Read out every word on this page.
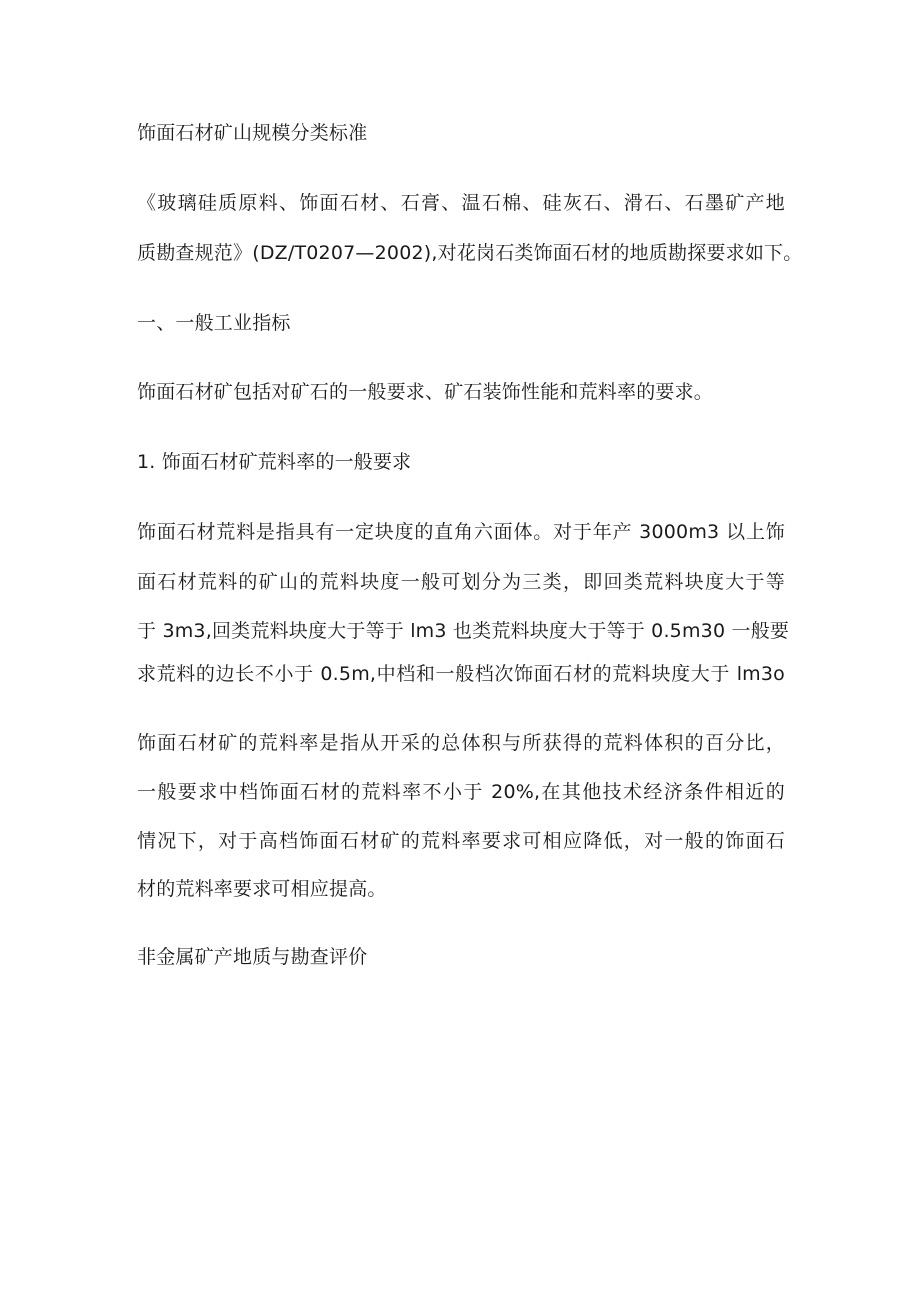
饰面石材矿山规模分类标准
《玻璃硅质原料、饰面石材、石膏、温石棉、硅灰石、滑石、石墨矿产地
质勘查规范》(DZ/T0207—2002),对花岗石类饰面石材的地质勘探要求如下。
一、一般工业指标
饰面石材矿包括对矿石的一般要求、矿石装饰性能和荒料率的要求。
1. 饰面石材矿荒料率的一般要求
饰面石材荒料是指具有一定块度的直角六面体。对于年产 3000m3 以上饰
面石材荒料的矿山的荒料块度一般可划分为三类，即回类荒料块度大于等
于 3m3,回类荒料块度大于等于 lm3 也类荒料块度大于等于 0.5m30 一般要
求荒料的边长不小于 0.5m,中档和一般档次饰面石材的荒料块度大于 lm3o
饰面石材矿的荒料率是指从开采的总体积与所获得的荒料体积的百分比，
一般要求中档饰面石材的荒料率不小于 20%,在其他技术经济条件相近的
情况下，对于高档饰面石材矿的荒料率要求可相应降低，对一般的饰面石
材的荒料率要求可相应提高。
非金属矿产地质与勘查评价
